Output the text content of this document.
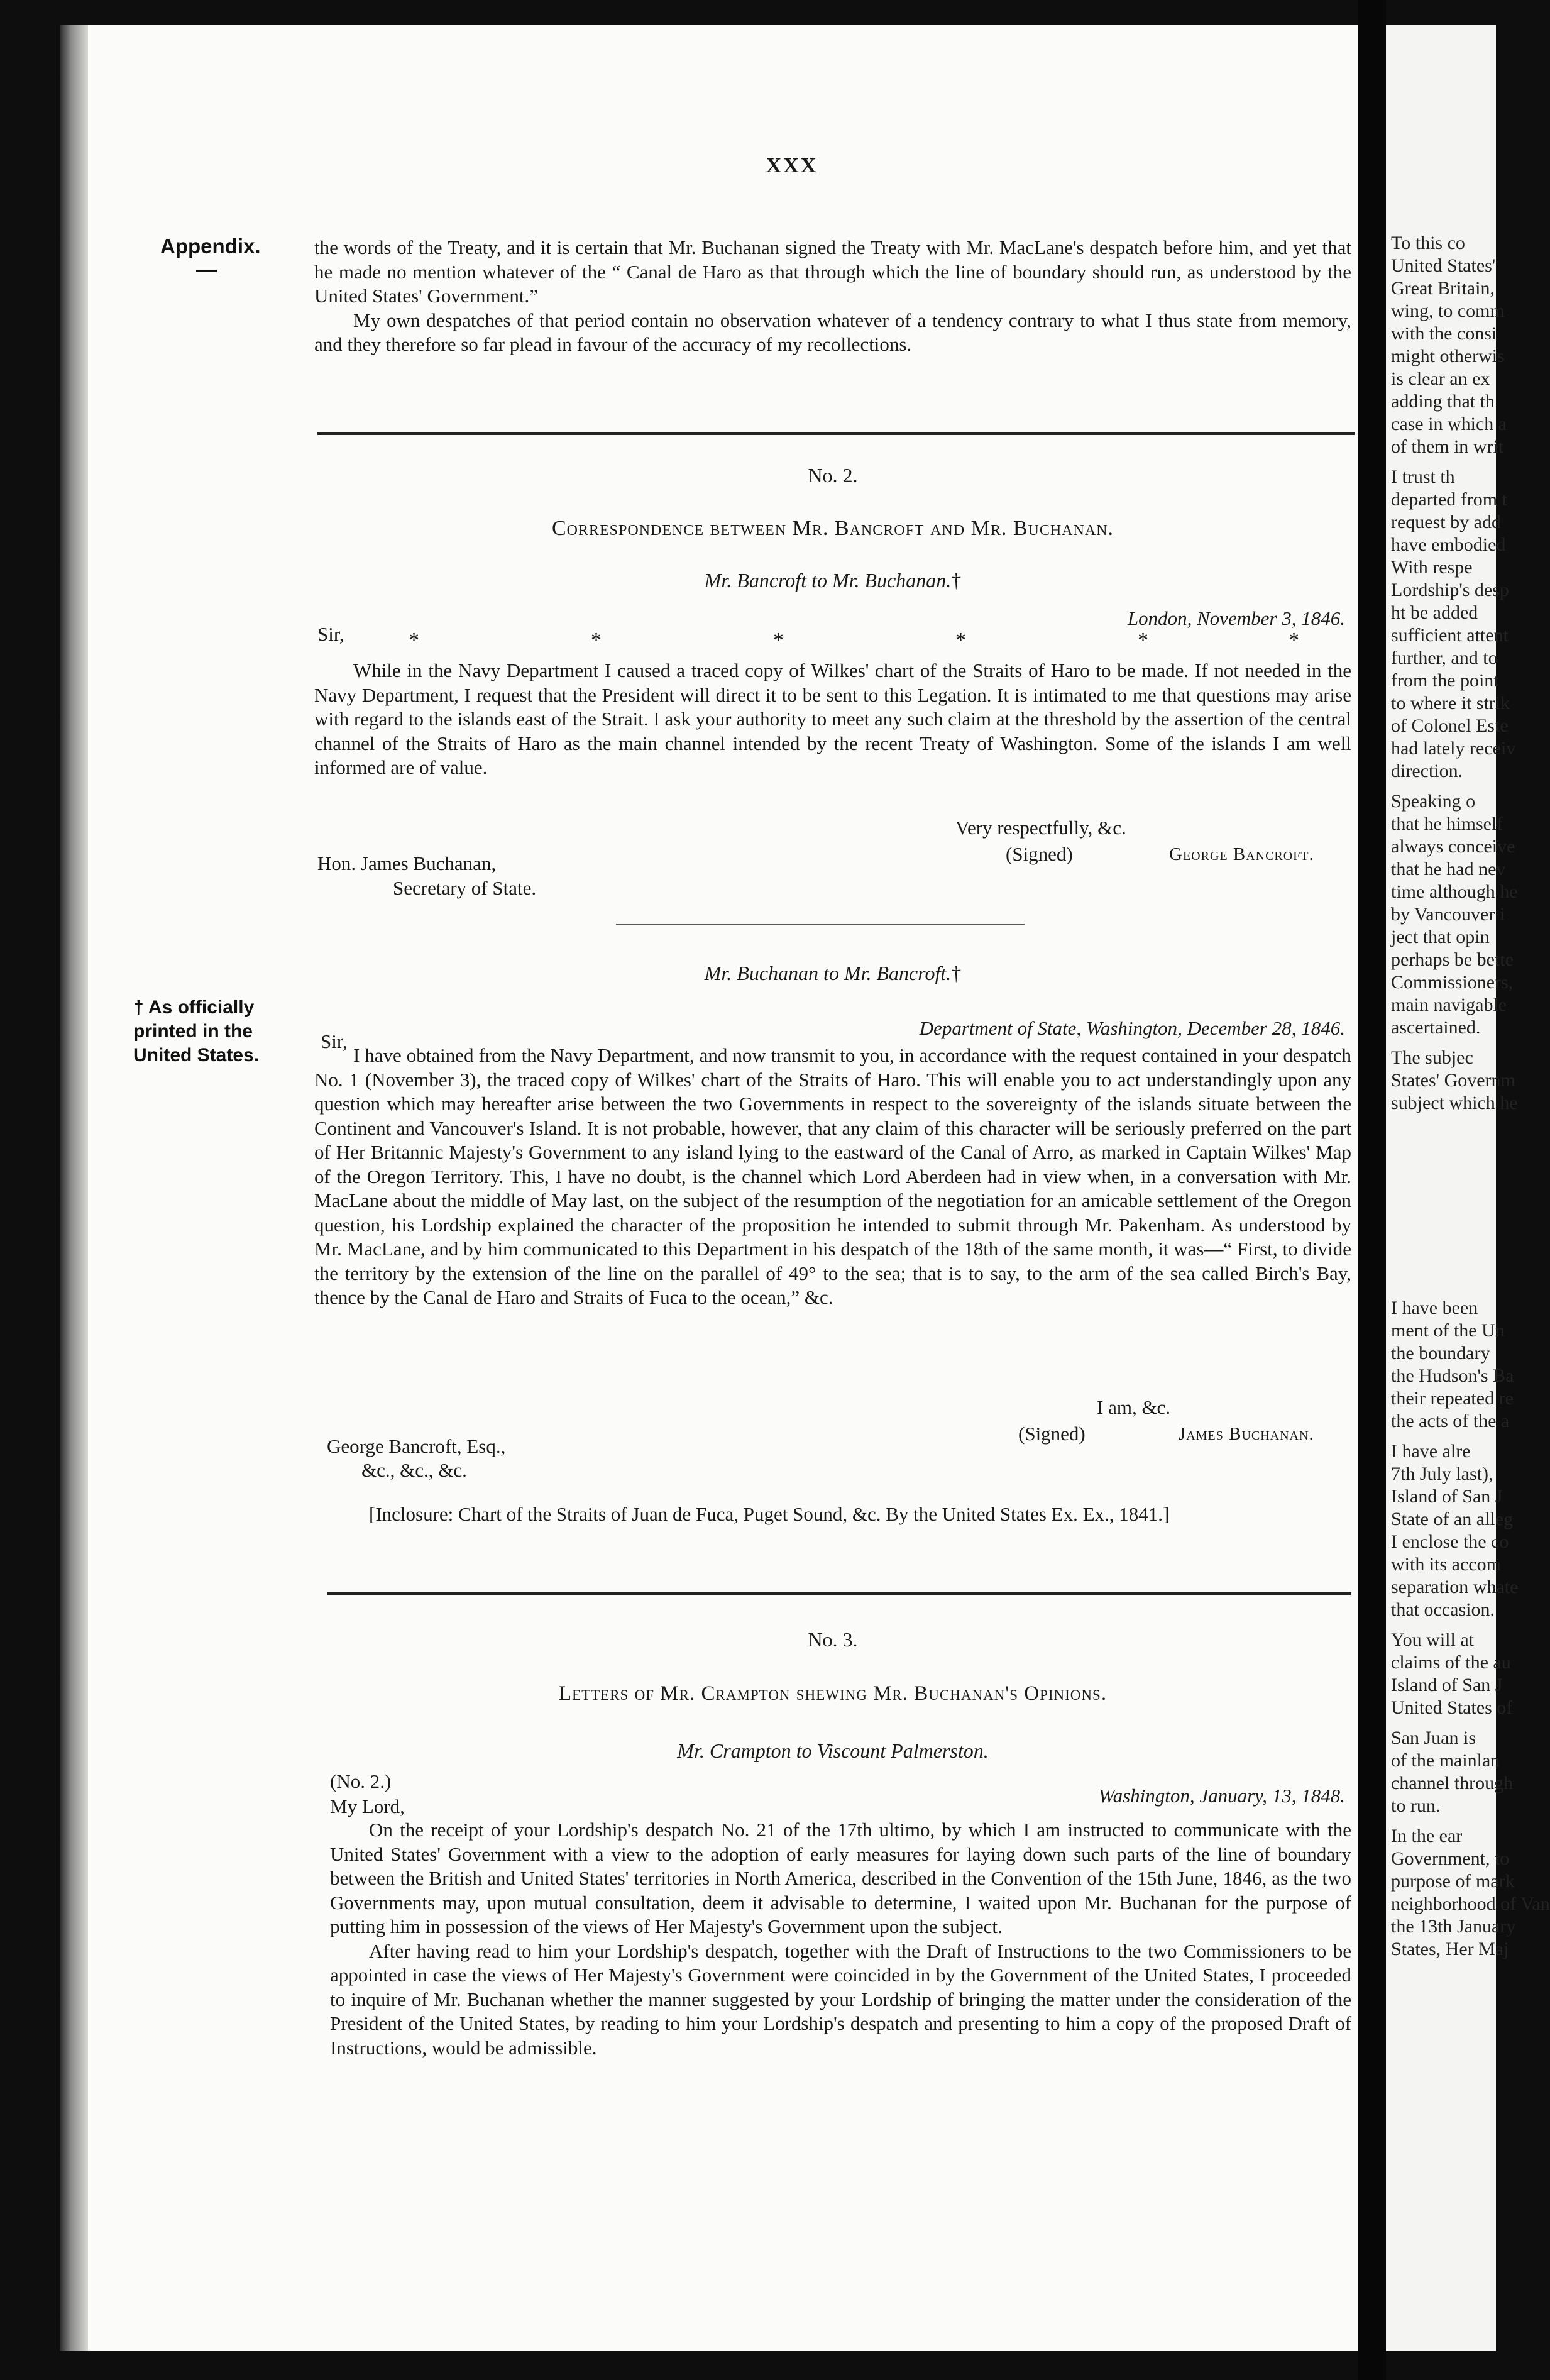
To this co
United States'
Great Britain,
wing, to comm
with the consi
might otherwis
is clear an ex
adding that th
case in which a
of them in writ
I trust th
departed from t
request by add
have embodied
With respe
Lordship's desp
ht be added
sufficient attent
further, and to
from the point
to where it strik
of Colonel Este
had lately receiv
direction.
Speaking o
that he himself
always conceive
that he had nev
time although he
by Vancouver i
ject that opin
perhaps be bette
Commissioners,
main navigable
ascertained.
The subjec
States' Governm
subject which he
I have been
ment of the Un
the boundary
the Hudson's Ba
their repeated re
the acts of the a
I have alre
7th July last),
Island of San J
State of an alleg
I enclose the co
with its accom
separation whate
that occasion.
You will at
claims of the au
Island of San J
United States of
San Juan is
of the mainlan
channel through
to run.
In the ear
Government, to
purpose of mark
neighborhood of Van
the 13th January
States, Her Maj
XXX
Appendix.
—
† As officially
printed in the
United States.

the words of the Treaty, and it is certain that Mr. Buchanan signed the Treaty with Mr. MacLane's despatch before him, and yet that he made no mention whatever of the “ Canal de Haro as that through which the line of boundary should run, as understood by the United States' Government.”

My own despatches of that period contain no observation whatever of a tendency contrary to what I thus state from memory, and they therefore so far plead in favour of the accuracy of my recollections.

No. 2.
Correspondence between Mr. Bancroft and Mr. Buchanan.
Mr. Bancroft to Mr. Buchanan.†
Sir,
London, November 3, 1846.
*	*	*	*	*	*

While in the Navy Department I caused a traced copy of Wilkes' chart of the Straits of Haro to be made. If not needed in the Navy Department, I request that the President will direct it to be sent to this Legation. It is intimated to me that questions may arise with regard to the islands east of the Strait. I ask your authority to meet any such claim at the threshold by the assertion of the central channel of the Straits of Haro as the main channel intended by the recent Treaty of Washington. Some of the islands I am well informed are of value.

Very respectfully, &c.
(Signed)	George Bancroft.
Hon. James Buchanan,
Secretary of State.
Mr. Buchanan to Mr. Bancroft.†
Sir,
Department of State, Washington, December 28, 1846.

I have obtained from the Navy Department, and now transmit to you, in accordance with the request contained in your despatch No. 1 (November 3), the traced copy of Wilkes' chart of the Straits of Haro. This will enable you to act understandingly upon any question which may hereafter arise between the two Governments in respect to the sovereignty of the islands situate between the Continent and Vancouver's Island. It is not probable, however, that any claim of this character will be seriously preferred on the part of Her Britannic Majesty's Government to any island lying to the eastward of the Canal of Arro, as marked in Captain Wilkes' Map of the Oregon Territory. This, I have no doubt, is the channel which Lord Aberdeen had in view when, in a conversation with Mr. MacLane about the middle of May last, on the subject of the resumption of the negotiation for an amicable settlement of the Oregon question, his Lordship explained the character of the proposition he intended to submit through Mr. Pakenham. As understood by Mr. MacLane, and by him communicated to this Department in his despatch of the 18th of the same month, it was—“ First, to divide the territory by the extension of the line on the parallel of 49° to the sea; that is to say, to the arm of the sea called Birch's Bay, thence by the Canal de Haro and Straits of Fuca to the ocean,” &c.

I am, &c.
(Signed)	James Buchanan.
George Bancroft, Esq.,
&c., &c., &c.

[Inclosure: Chart of the Straits of Juan de Fuca, Puget Sound, &c. By the United States Ex. Ex., 1841.]

No. 3.
Letters of Mr. Crampton shewing Mr. Buchanan's Opinions.
Mr. Crampton to Viscount Palmerston.
(No. 2.)
My Lord,	Washington, January, 13, 1848.

On the receipt of your Lordship's despatch No. 21 of the 17th ultimo, by which I am instructed to communicate with the United States' Government with a view to the adoption of early measures for laying down such parts of the line of boundary between the British and United States' territories in North America, described in the Convention of the 15th June, 1846, as the two Governments may, upon mutual consultation, deem it advisable to determine, I waited upon Mr. Buchanan for the purpose of putting him in possession of the views of Her Majesty's Government upon the subject.

After having read to him your Lordship's despatch, together with the Draft of Instructions to the two Commissioners to be appointed in case the views of Her Majesty's Government were coincided in by the Government of the United States, I proceeded to inquire of Mr. Buchanan whether the manner suggested by your Lordship of bringing the matter under the consideration of the President of the United States, by reading to him your Lordship's despatch and presenting to him a copy of the proposed Draft of Instructions, would be admissible.
